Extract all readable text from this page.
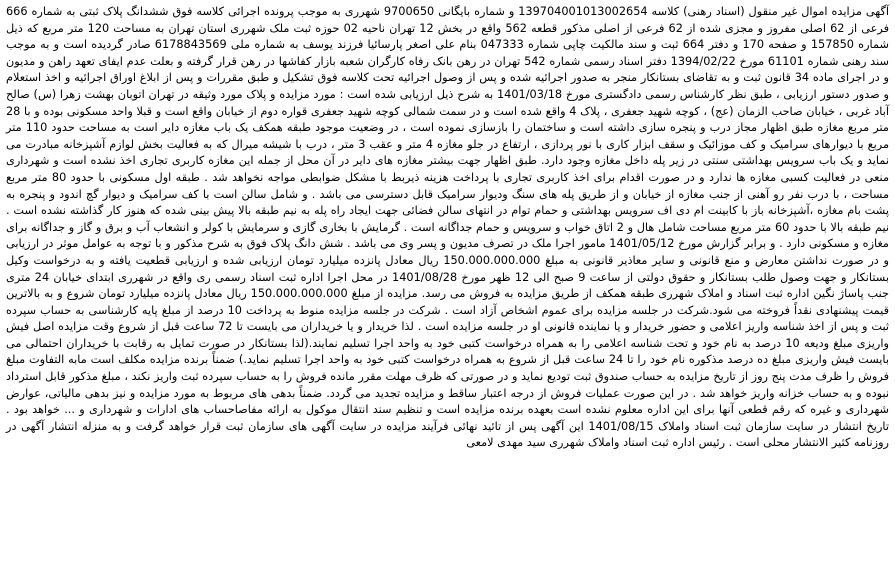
آگهی مزایده اموال غیر منقول (اسناد رهنی) کلاسه 139704001013002654 و شماره بایگانی 9700650 شهرری به موجب پرونده اجرائی کلاسه فوق ششدانگ پلاک ثبتی به شماره 666 فرعی از 62 اصلی مفروز و مجزی شده از 62 فرعی از اصلی مذکور قطعه 562 واقع در بخش 12 تهران ناحیه 02 حوزه ثبت ملک شهرری استان تهران به مساحت 120 متر مربع که ذیل شماره 157850 و صفحه 170 و دفتر 664 ثبت و سند مالکیت چاپی شماره 047333 بنام علی اصغر پارسائیا فرزند یوسف به شماره ملی 6178843569 صادر گردیده است و به موجب سند رهنی شماره 61101 مورخ 1394/02/22 دفتر اسناد رسمی شماره 542 تهران در رهن بانک رفاه کارگران شعبه بازار کفاشها در رهن قرار گرفته و بعلت عدم ایفای تعهد راهن و مدیون و در اجرای ماده 34 قانون ثبت و به تقاضای بستانکار منجر به صدور اجرائیه شده و پس از وصول اجرائیه تحت کلاسه فوق تشکیل و طبق مقررات و پس از ابلاغ اوراق اجرائیه و اخذ استعلام و صدور دستور ارزیابی ، طبق نظر کارشناس رسمی دادگستری مورخ 1401/03/18 به شرح ذیل ارزیابی شده است : مورد مزایده و پلاک مورد وثیقه در تهران اتوبان بهشت زهرا (س) صالح آباد غربی ، خیابان صاحب الزمان (عج) ، کوچه شهید جعفری ، پلاک 4 واقع شده است و در سمت شمالی کوچه شهید جعفری قواره دوم از خیابان واقع است و قبلا واحد مسکونی بوده و با 28 متر مربع مغازه طبق اظهار مجاز درب و پنجره سازی داشته است و ساختمان را بازسازی نموده است ، در وضعیت موجود طبقه همکف یک باب مغازه دایر است به مساحت حدود 110 متر مربع با دیوارهای سرامیک و کف موزائیک و سقف ابزار کاری با نور پردازی ، ارتفاع در جلو مغازه 4 متر و عقب 3 متر ، درب با شیشه میرال که به فعالیت بخش لوازم آشپزخانه مبادرت می نماید و یک باب سرویس بهداشتی سنتی در زیر پله داخل مغازه وجود دارد. طبق اظهار جهت بیشتر مغازه های دایر در آن محل از جمله این مغازه کاربری تجاری اخذ نشده است و شهرداری منعی در فعالیت کسبی مغازه ها ندارد و در صورت اقدام برای اخذ کاربری تجاری با پرداخت هزینه ذیربط با مشکل ضوابطی مواجه نخواهد شد . طبقه اول مسکونی با حدود 80 متر مربع مساحت ، با درب نفر رو آهنی از جنب مغازه از خیابان و از طریق پله های سنگ ودیوار سرامیک قابل دسترسی می باشد . و شامل سالن است با کف سرامیک و دیوار گچ اندود و پنجره به پشت بام مغازه ،آشپزخانه باز با کابینت ام دی اف سرویس بهداشتی و حمام توام در انتهای سالن فضائی جهت ایجاد راه پله به نیم طبقه بالا پیش بینی شده که هنوز کار گذاشته نشده است . نیم طبقه بالا با حدود 60 متر مربع مساحت شامل هال و 2 اتاق خواب و سرویس و حمام جداگانه است . گرمایش با بخاری گازی و سرمایش با کولر و انشعاب آب و برق و گاز و جداگانه برای مغازه و مسکونی دارد . و برابر گزارش مورخ 1401/05/12 مامور اجرا ملک در تصرف مدیون و پسر وی می باشد . شش دانگ پلاک فوق به شرح مذکور و با توجه به عوامل موثر در ارزیابی و در صورت نداشتن معارض و منع قانونی و سایر معاذیر قانونی به مبلغ 150.000.000.000 ریال معادل پانزده میلیارد تومان ارزیابی شده و ارزیابی قطعیت یافته و به درخواست وکیل بستانکار و جهت وصول طلب بستانکار و حقوق دولتی از ساعت 9 صبح الی 12 ظهر مورخ 1401/08/28 در محل اجرا اداره ثبت اسناد رسمی ری واقع در شهرری ابتدای خیابان 24 متری جنب پاساژ نگین اداره ثبت اسناد و املاک شهرری طبقه همکف از طریق مزایده به فروش می رسد. مزایده از مبلغ 150.000.000.000 ریال معادل پانزده میلیارد تومان شروع و به بالاترین قیمت پیشنهادی نقداً فروخته می شود.شرکت در جلسه مزایده برای عموم اشخاص آزاد است . شرکت در جلسه مزایده منوط به پرداخت 10 درصد از مبلغ پایه کارشناسی به حساب سپرده ثبت و پس از اخذ شناسه واریز اعلامی و حضور خریدار و یا نماینده قانونی او در جلسه مزایده است . لذا خریدار و یا خریداران می بایست تا 72 ساعت قبل از شروع وقت مزایده اصل فیش واریزی مبلغ ودیعه 10 درصد به نام خود و تحت شناسه اعلامی را به همراه درخواست کتبی خود به واحد اجرا تسلیم نمایند.(لذا بستانکار در صورت تمایل به رقابت با خریداران احتمالی می بایست فیش واریزی مبلغ ده درصد مذکوره نام خود را تا 24 ساعت قبل از شروع به همراه درخواست کتبی خود به واحد اجرا تسلیم نماید.) ضمناً برنده مزایده مکلف است مابه التفاوت مبلغ فروش را ظرف مدت پنج روز از تاریخ مزایده به حساب صندوق ثبت تودیع نماید و در صورتی که ظرف مهلت مقرر مانده فروش را به حساب سپرده ثبت واریز نکند ، مبلغ مذکور قابل استرداد نبوده و به حساب خزانه واریز خواهد شد . در این صورت عملیات فروش از درجه اعتبار ساقط و مزایده تجدید می گردد. ضمناً بدهی های مربوط به مورد مزایده و نیز بدهی مالیاتی، عوارض شهرداری و غیره که رقم قطعی آنها برای این اداره معلوم نشده است بعهده برنده مزایده است و تنظیم سند انتقال موکول به ارائه مفاصاحساب های ادارات و شهرداری و ... خواهد بود . تاریخ انتشار در سایت سازمان ثبت اسناد واملاک 1401/08/15 این آگهی پس از تائید نهائی فرآیند مزایده در سایت آگهی های سازمان ثبت قرار خواهد گرفت و به منزله انتشار آگهی در روزنامه کثیر الانتشار محلی است . رئیس اداره ثبت اسناد واملاک شهرری سید مهدی لامعی
